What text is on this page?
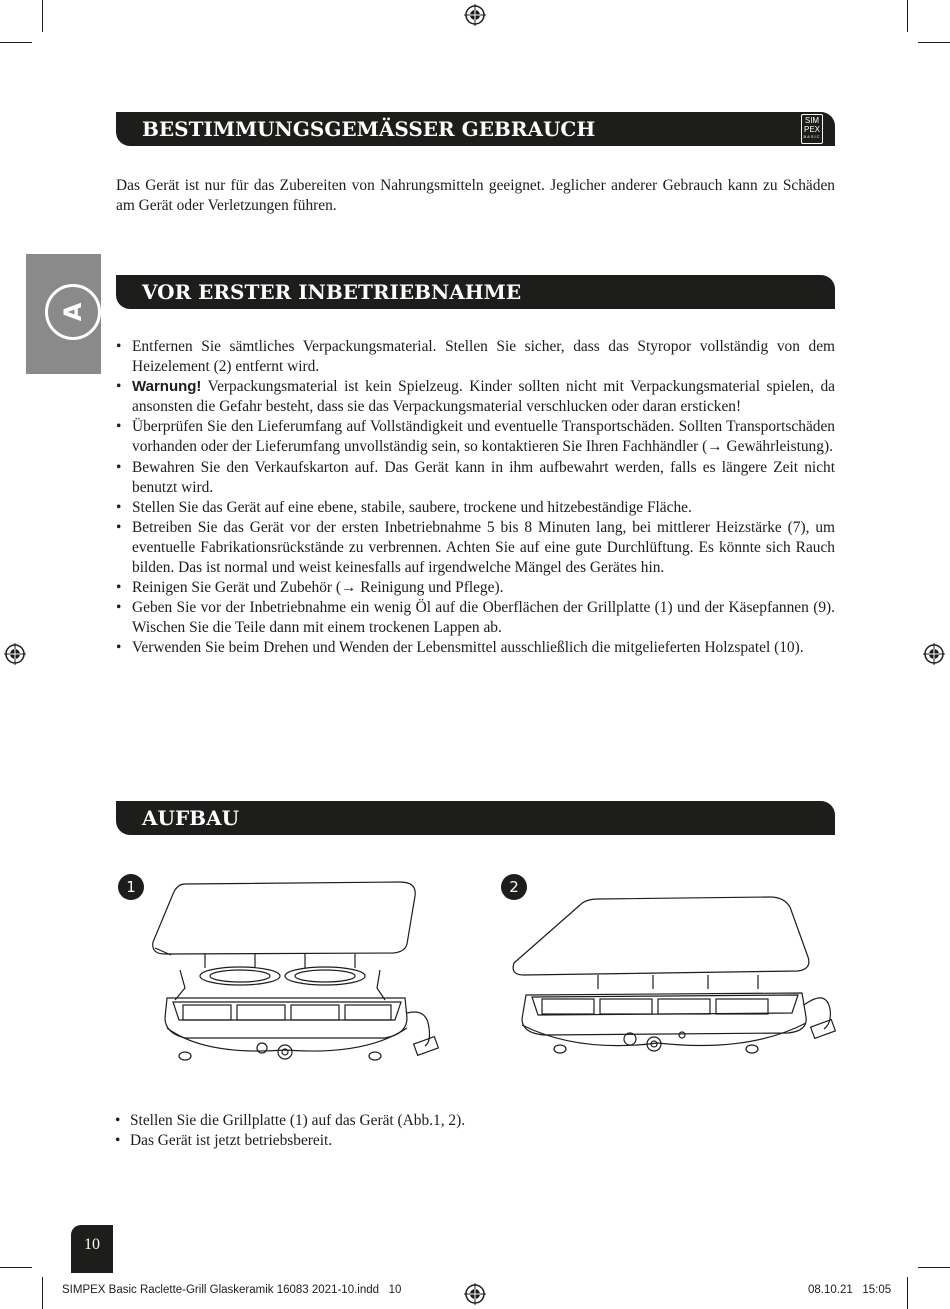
A
BESTIMMUNGSGEMÄSSER GEBRAUCH	SIM
PEX
BASIC
Das Gerät ist nur für das Zubereiten von Nahrungsmitteln geeignet. Jeglicher anderer Gebrauch kann zu Schäden am Gerät oder Verletzungen führen.
VOR ERSTER INBETRIEBNAHME
• Entfernen Sie sämtliches Verpackungsmaterial. Stellen Sie sicher, dass das Styropor vollständig von dem Heizelement (2) entfernt wird.
• Warnung! Verpackungsmaterial ist kein Spielzeug. Kinder sollten nicht mit Verpackungsmaterial spielen, da ansonsten die Gefahr besteht, dass sie das Verpackungsmaterial verschlucken oder daran ersticken!
• Überprüfen Sie den Lieferumfang auf Vollständigkeit und eventuelle Transportschäden. Sollten Transportschäden vorhanden oder der Lieferumfang unvollständig sein, so kontaktieren Sie Ihren Fachhändler (→ Gewährleistung).
• Bewahren Sie den Verkaufskarton auf. Das Gerät kann in ihm aufbewahrt werden, falls es längere Zeit nicht benutzt wird.
• Stellen Sie das Gerät auf eine ebene, stabile, saubere, trockene und hitzebeständige Fläche.
• Betreiben Sie das Gerät vor der ersten Inbetriebnahme 5 bis 8 Minuten lang, bei mittlerer Heizstärke (7), um eventuelle Fabrikationsrückstände zu verbrennen. Achten Sie auf eine gute Durchlüftung. Es könnte sich Rauch bilden. Das ist normal und weist keinesfalls auf irgendwelche Mängel des Gerätes hin.
• Reinigen Sie Gerät und Zubehör (→ Reinigung und Pflege).
• Geben Sie vor der Inbetriebnahme ein wenig Öl auf die Oberflächen der Grillplatte (1) und der Käsepfannen (9). Wischen Sie die Teile dann mit einem trockenen Lappen ab.
• Verwenden Sie beim Drehen und Wenden der Lebensmittel ausschließlich die mitgelieferten Holzspatel (10).
AUFBAU
1	2
• Stellen Sie die Grillplatte (1) auf das Gerät (Abb.1, 2).
• Das Gerät ist jetzt betriebsbereit.
10
SIMPEX Basic Raclette-Grill Glaskeramik 16083 2021-10.indd   10	08.10.21   15:05
